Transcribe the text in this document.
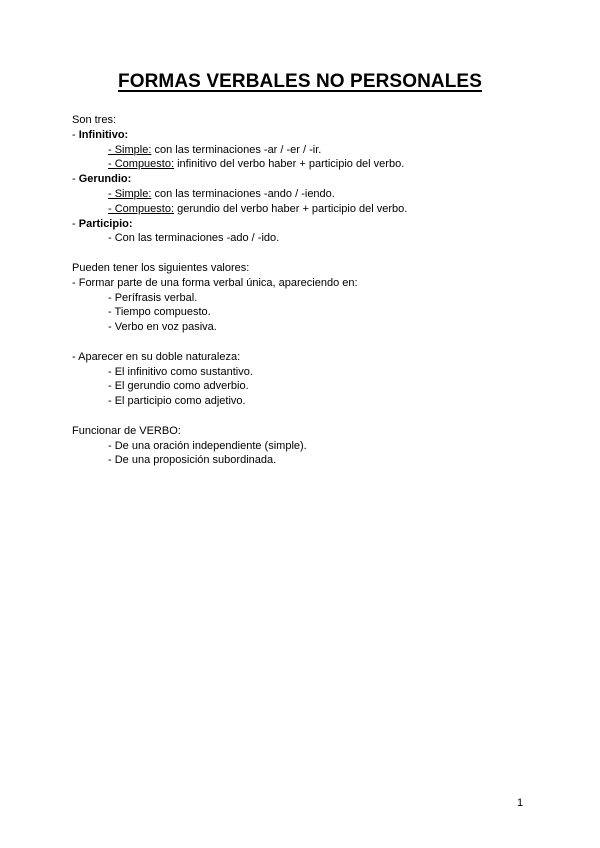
FORMAS VERBALES NO PERSONALES
Son tres:
- Infinitivo:
- Simple: con las terminaciones -ar / -er / -ir.
- Compuesto: infinitivo del verbo haber + participio del verbo.
- Gerundio:
- Simple: con las terminaciones -ando / -iendo.
- Compuesto: gerundio del verbo haber + participio del verbo.
- Participio:
- Con las terminaciones -ado / -ido.
Pueden tener los siguientes valores:
- Formar parte de una forma verbal única, apareciendo en:
- Perífrasis verbal.
- Tiempo compuesto.
- Verbo en voz pasiva.
- Aparecer en su doble naturaleza:
- El infinitivo como sustantivo.
- El gerundio como adverbio.
- El participio como adjetivo.
Funcionar de VERBO:
- De una oración independiente (simple).
- De una proposición subordinada.
1
